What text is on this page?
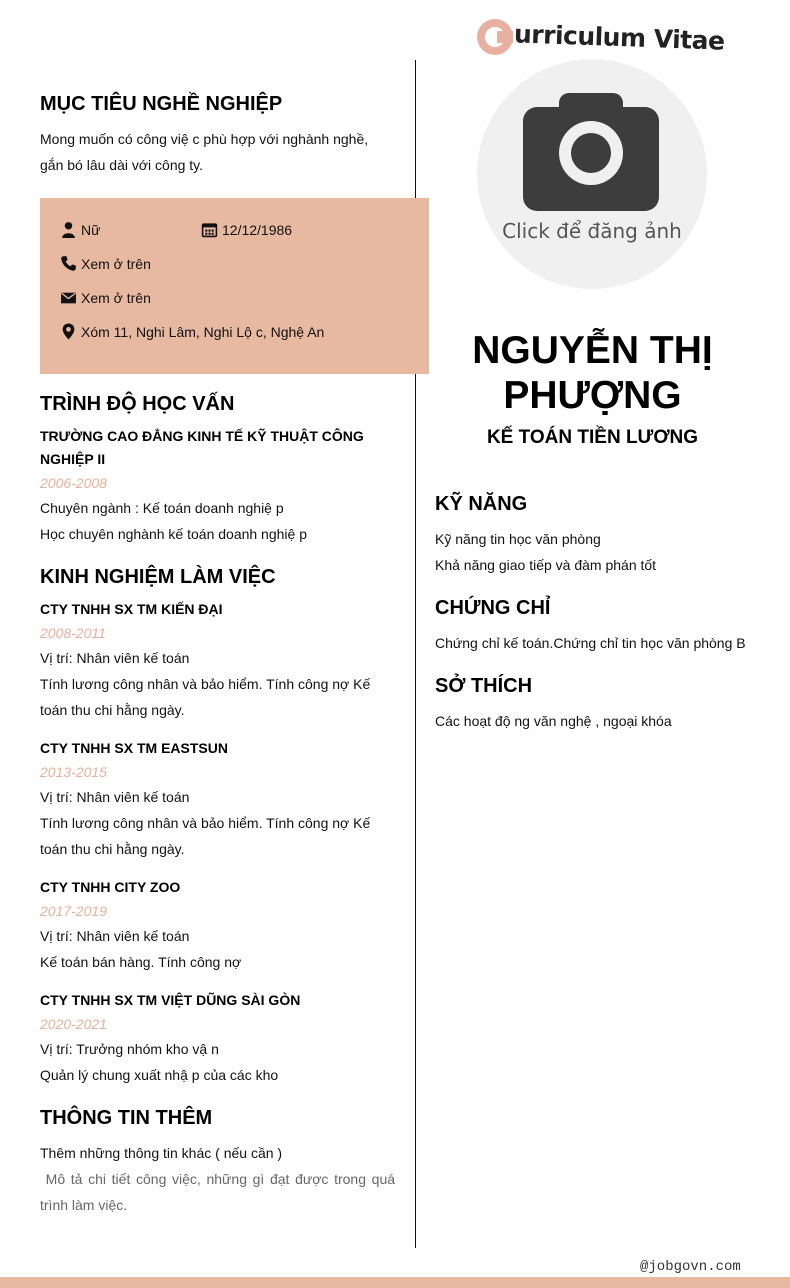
@jobgovn.com
urriculum Vitae
Click để đăng ảnh
NGUYỄN THỊ PHƯỢNG
KẾ TOÁN TIỀN LƯƠNG
MỤC TIÊU NGHỀ NGHIỆP
Mong muốn có công việ c phù hợp với nghành nghề, gắn bó lâu dài với công ty.
Nữ	12/12/1986
Xem ở trên
Xem ở trên
Xóm 11, Nghi Lâm, Nghi Lộ c, Nghệ An
TRÌNH ĐỘ HỌC VẤN
TRƯỜNG CAO ĐẲNG KINH TẾ KỸ THUẬT CÔNG NGHIỆP II
2006-2008
Chuyên ngành : Kế toán doanh nghiệ p
Học chuyên nghành kế toán doanh nghiệ p
KINH NGHIỆM LÀM VIỆC
CTY TNHH SX TM KIẾN ĐẠI
2008-2011
Vị trí: Nhân viên kế toán
Tính lương công nhân và bảo hiểm. Tính công nợ Kế toán thu chi hằng ngày.
CTY TNHH SX TM EASTSUN
2013-2015
Vị trí: Nhân viên kế toán
Tính lương công nhân và bảo hiểm. Tính công nợ Kế toán thu chi hằng ngày.
CTY TNHH CITY ZOO
2017-2019
Vị trí: Nhân viên kế toán
Kế toán bán hàng. Tính công nợ
CTY TNHH SX TM VIỆT DŨNG SÀI GÒN
2020-2021
Vị trí: Trưởng nhóm kho vậ n
Quản lý chung xuất nhậ p của các kho
THÔNG TIN THÊM
Thêm những thông tin khác ( nếu cần )
Mô tả chi tiết công việc, những gì đạt được trong quá trình làm việc.
KỸ NĂNG
Kỹ năng tin học văn phòng
Khả năng giao tiếp và đàm phán tốt
CHỨNG CHỈ
Chứng chỉ kế toán.Chứng chỉ tin học văn phòng B
SỞ THÍCH
Các hoạt độ ng văn nghệ , ngoại khóa
